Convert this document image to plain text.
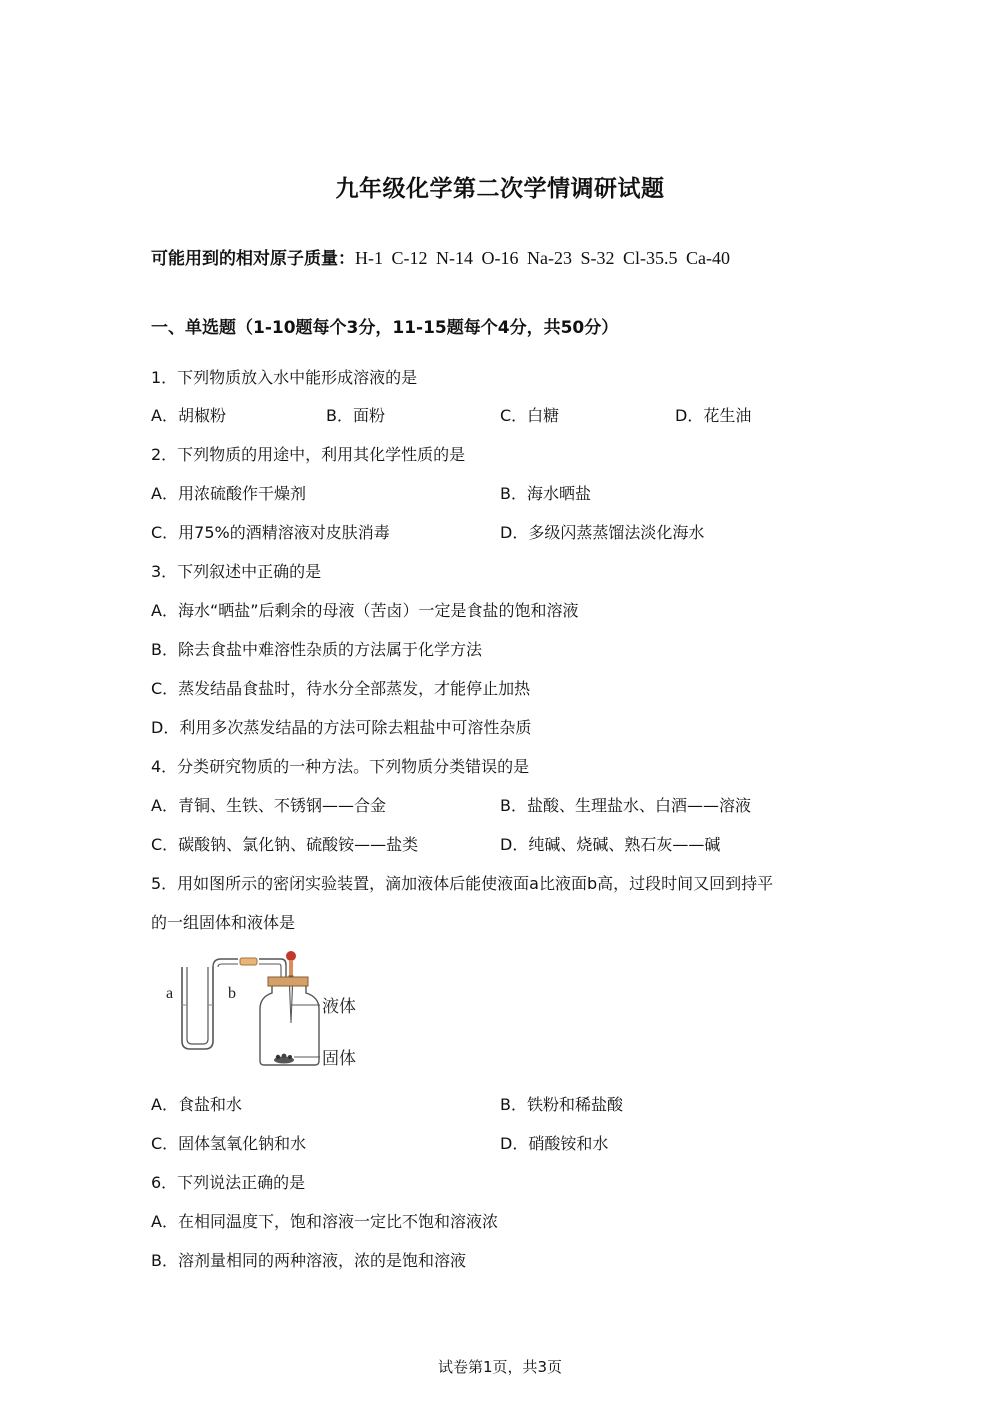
九年级化学第二次学情调研试题
可能用到的相对原子质量：H-1 C-12 N-14 O-16 Na-23 S-32 Cl-35.5 Ca-40
一、单选题（1-10题每个3分，11-15题每个4分，共50分）
1．下列物质放入水中能形成溶液的是
A．胡椒粉	B．面粉	C．白糖	D．花生油
2．下列物质的用途中，利用其化学性质的是
A．用浓硫酸作干燥剂	B．海水晒盐
C．用75%的酒精溶液对皮肤消毒	D．多级闪蒸蒸馏法淡化海水
3．下列叙述中正确的是
A．海水“晒盐”后剩余的母液（苦卤）一定是食盐的饱和溶液
B．除去食盐中难溶性杂质的方法属于化学方法
C．蒸发结晶食盐时，待水分全部蒸发，才能停止加热
D．利用多次蒸发结晶的方法可除去粗盐中可溶性杂质
4．分类研究物质的一种方法。下列物质分类错误的是
A．青铜、生铁、不锈钢——合金	B．盐酸、生理盐水、白酒——溶液
C．碳酸钠、氯化钠、硫酸铵——盐类	D．纯碱、烧碱、熟石灰——碱
5．用如图所示的密闭实验装置，滴加液体后能使液面a比液面b高，过段时间又回到持平
的一组固体和液体是
a	b
液体
固体
A．食盐和水	B．铁粉和稀盐酸
C．固体氢氧化钠和水	D．硝酸铵和水
6．下列说法正确的是
A．在相同温度下，饱和溶液一定比不饱和溶液浓
B．溶剂量相同的两种溶液，浓的是饱和溶液
试卷第1页，共3页
